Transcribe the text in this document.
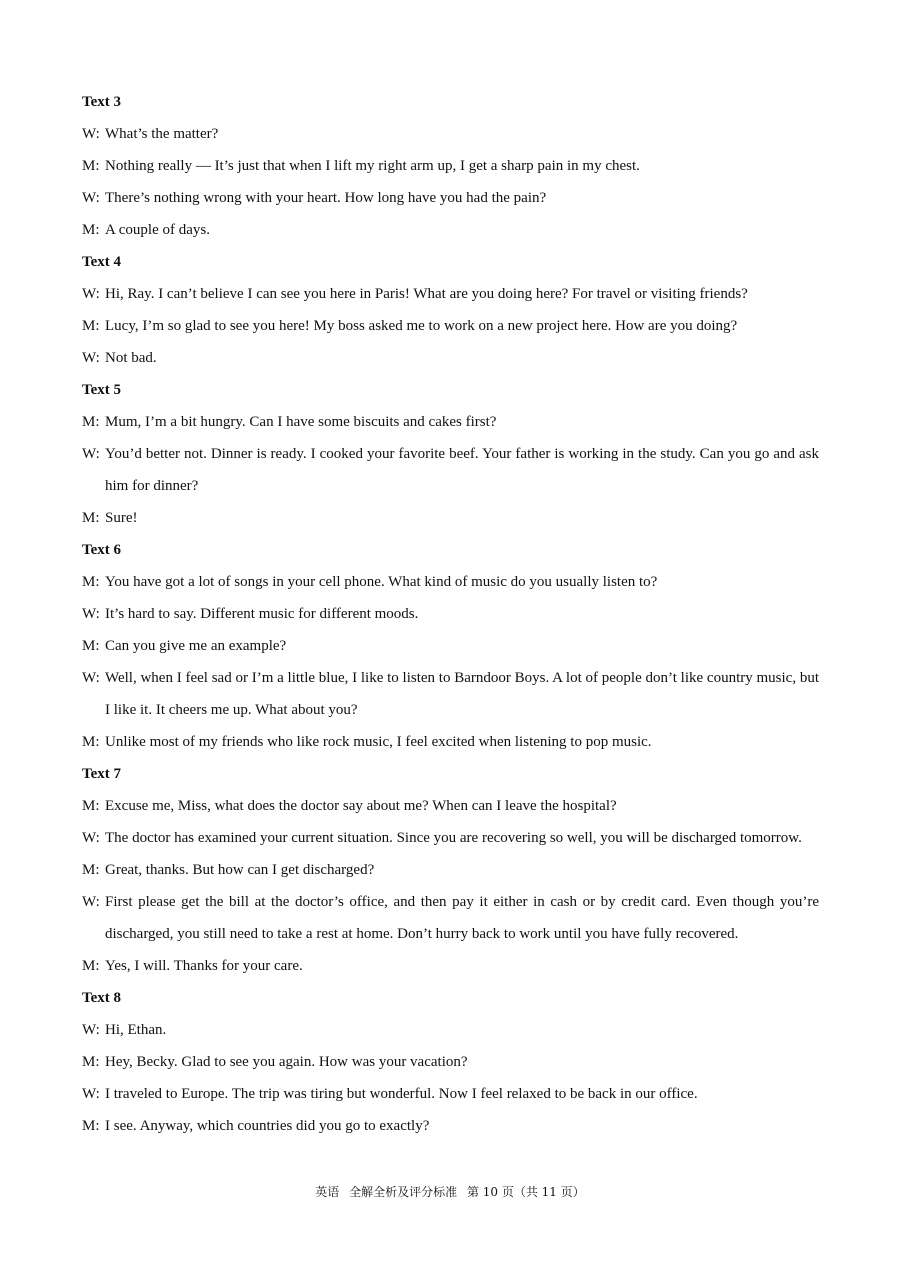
Text 3
W: What’s the matter?
M: Nothing really — It’s just that when I lift my right arm up, I get a sharp pain in my chest.
W: There’s nothing wrong with your heart. How long have you had the pain?
M: A couple of days.
Text 4
W: Hi, Ray. I can’t believe I can see you here in Paris! What are you doing here? For travel or visiting friends?
M: Lucy, I’m so glad to see you here! My boss asked me to work on a new project here. How are you doing?
W: Not bad.
Text 5
M: Mum, I’m a bit hungry. Can I have some biscuits and cakes first?
W: You’d better not. Dinner is ready. I cooked your favorite beef. Your father is working in the study. Can you go and ask him for dinner?
M: Sure!
Text 6
M: You have got a lot of songs in your cell phone. What kind of music do you usually listen to?
W: It’s hard to say. Different music for different moods.
M: Can you give me an example?
W: Well, when I feel sad or I’m a little blue, I like to listen to Barndoor Boys. A lot of people don’t like country music, but I like it. It cheers me up. What about you?
M: Unlike most of my friends who like rock music, I feel excited when listening to pop music.
Text 7
M: Excuse me, Miss, what does the doctor say about me? When can I leave the hospital?
W: The doctor has examined your current situation. Since you are recovering so well, you will be discharged tomorrow.
M: Great, thanks. But how can I get discharged?
W: First please get the bill at the doctor’s office, and then pay it either in cash or by credit card. Even though you’re discharged, you still need to take a rest at home. Don’t hurry back to work until you have fully recovered.
M: Yes, I will. Thanks for your care.
Text 8
W: Hi, Ethan.
M: Hey, Becky. Glad to see you again. How was your vacation?
W: I traveled to Europe. The trip was tiring but wonderful. Now I feel relaxed to be back in our office.
M: I see. Anyway, which countries did you go to exactly?
英语 全解全析及评分标准 第 10 页（共 11 页）
